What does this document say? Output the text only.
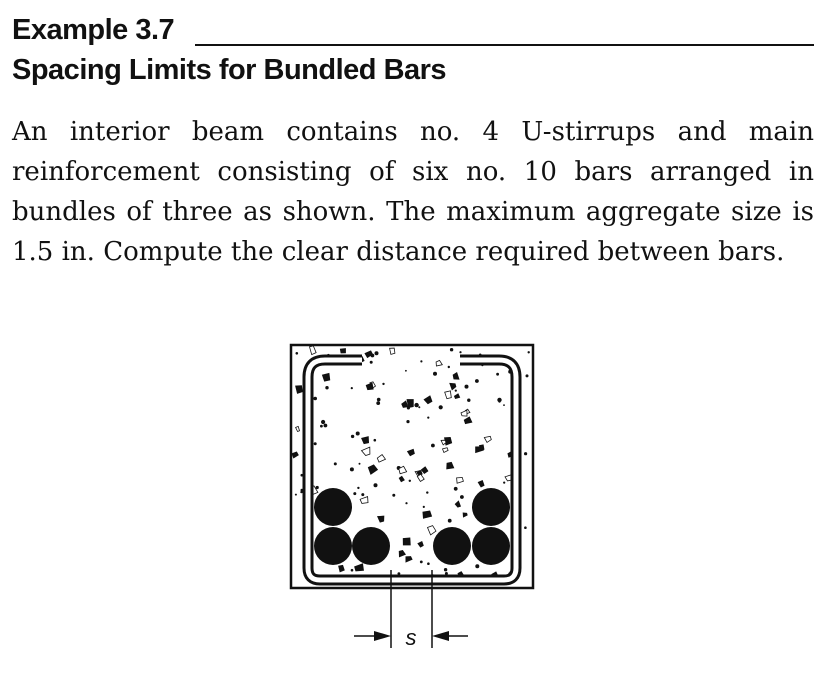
Example 3.7
Spacing Limits for Bundled Bars

An interior beam contains no. 4 U-stirrups and main reinforcement consisting of six no. 10 bars arranged in bundles of three as shown. The maximum aggregate size is 1.5 in. Compute the clear distance required between bars.

s
